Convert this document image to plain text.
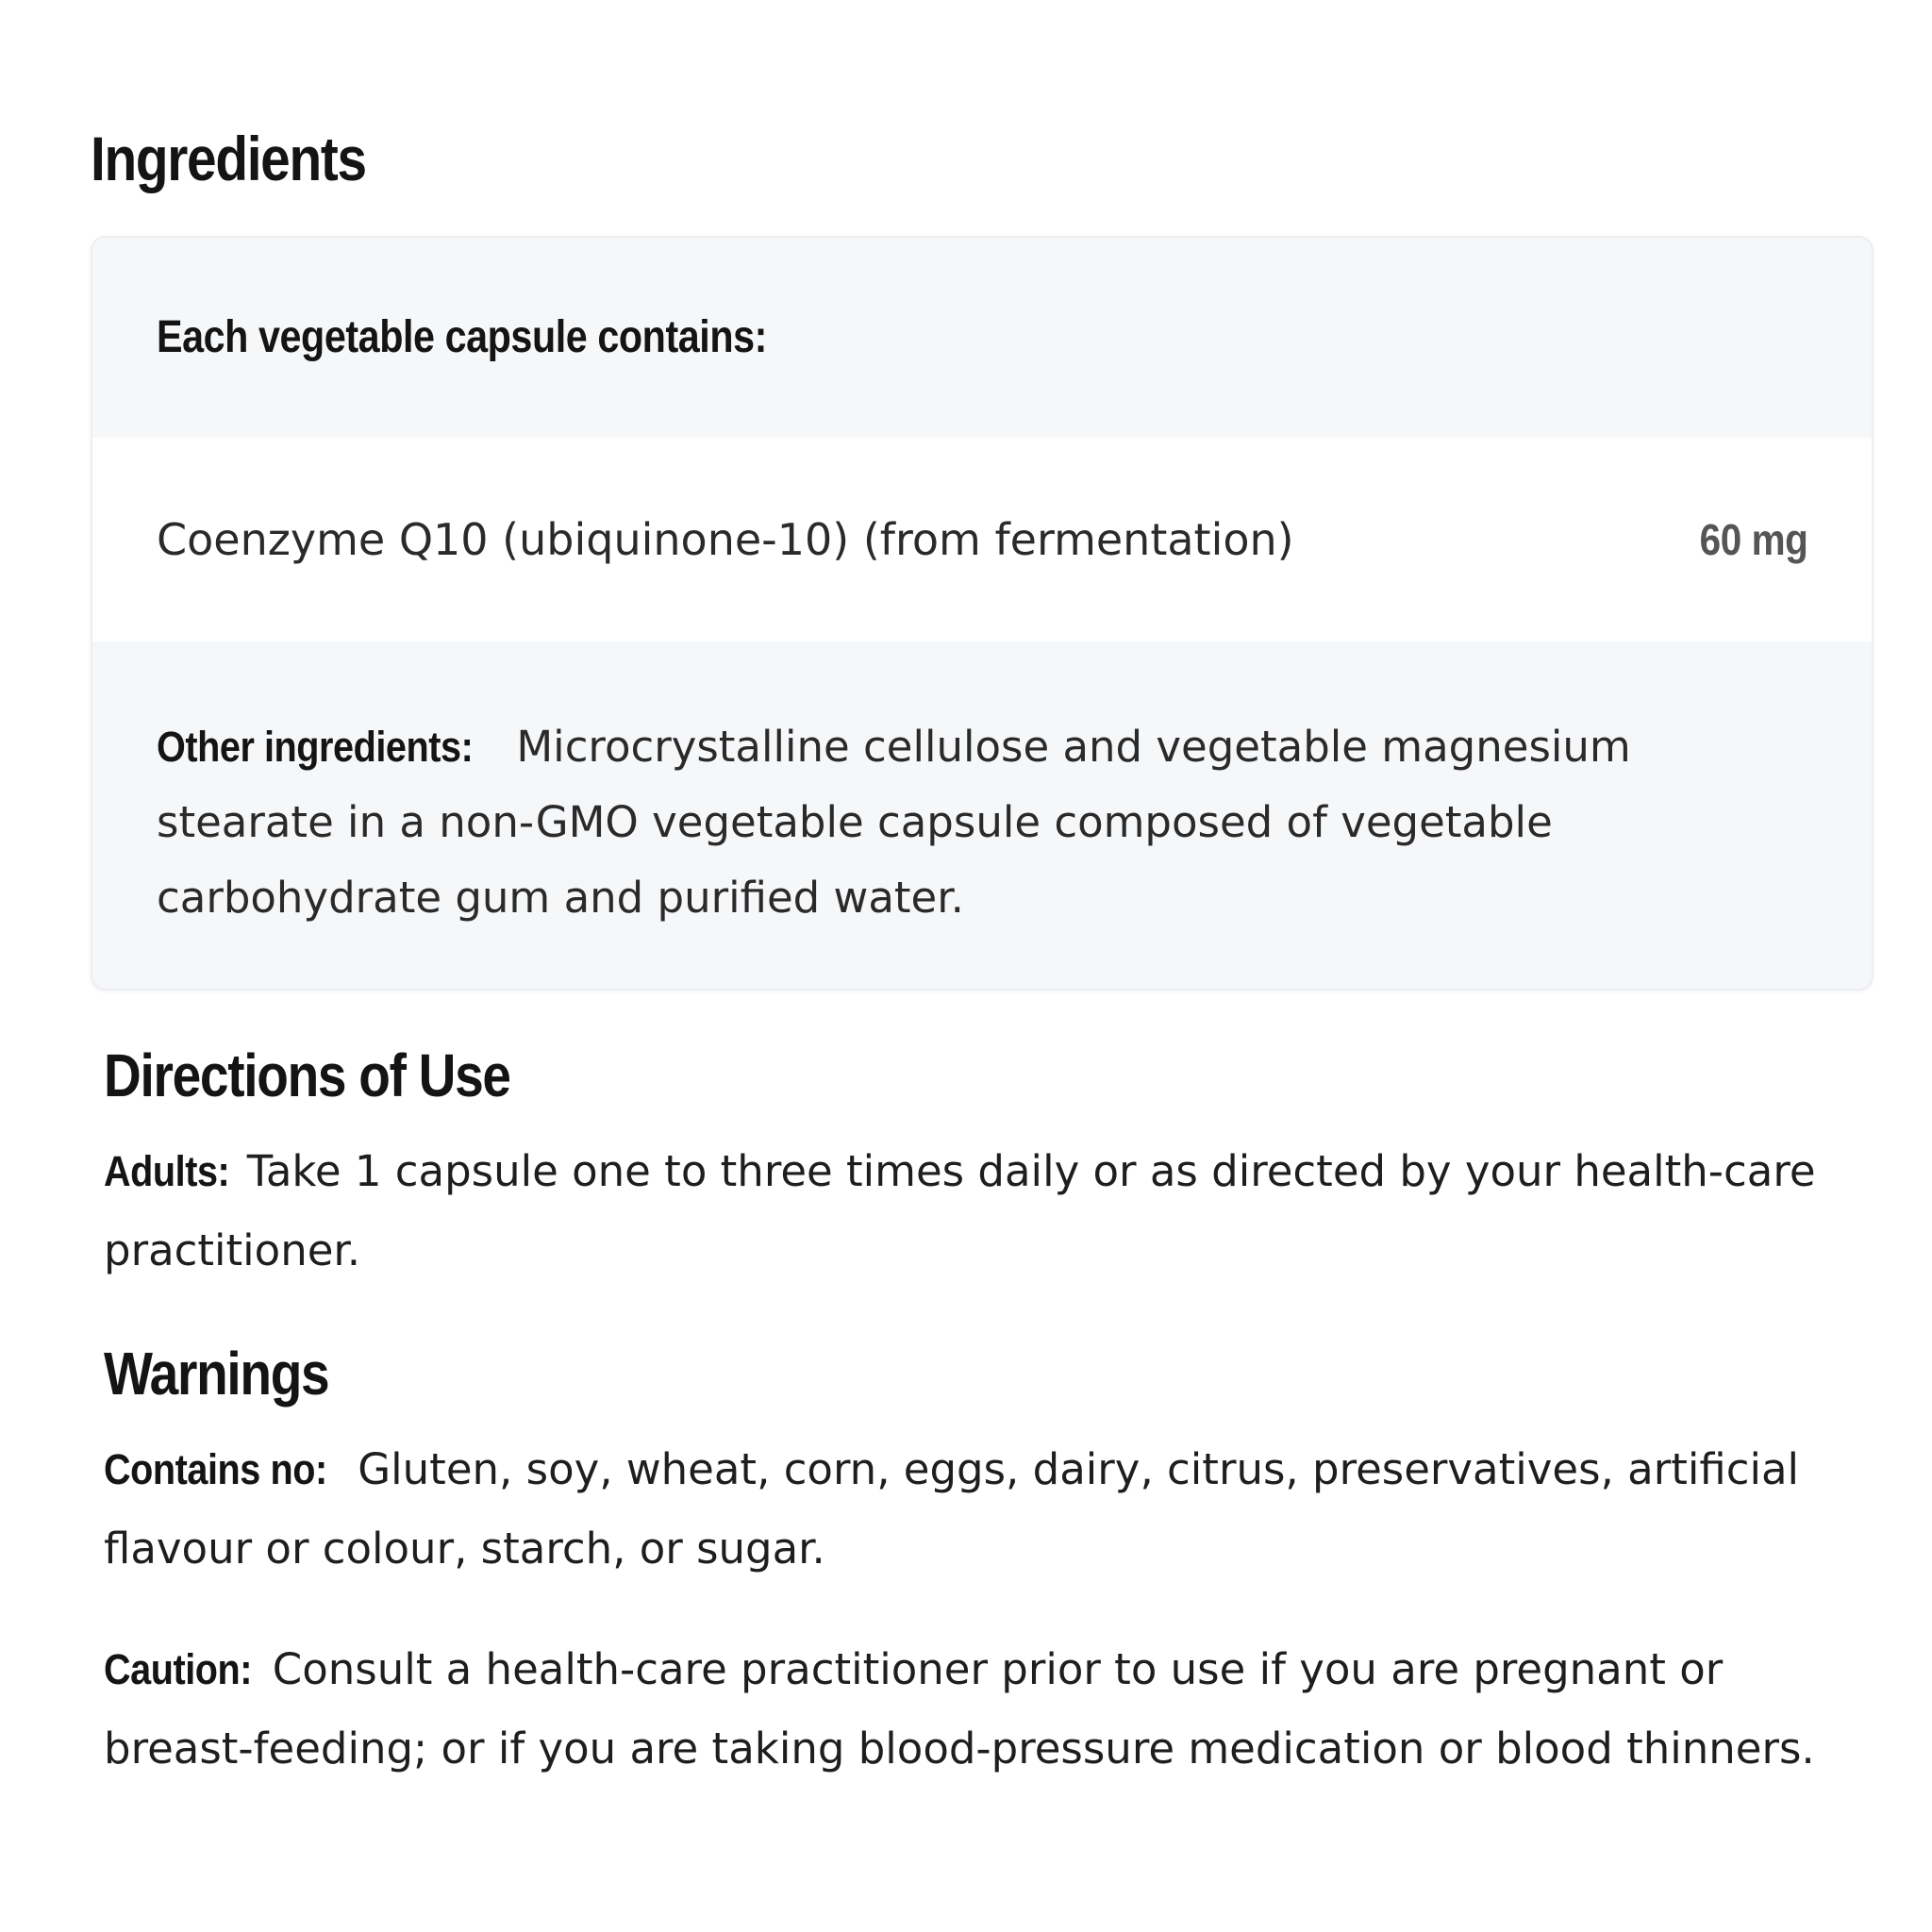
Ingredients
Each vegetable capsule contains:
Coenzyme Q10 (ubiquinone-10) (from fermentation)	60 mg
Other ingredients: Microcrystalline cellulose and vegetable magnesium stearate in a non-GMO vegetable capsule composed of vegetable carbohydrate gum and purified water.
Directions of Use
Adults: Take 1 capsule one to three times daily or as directed by your health-care practitioner.
Warnings
Contains no: Gluten, soy, wheat, corn, eggs, dairy, citrus, preservatives, artificial flavour or colour, starch, or sugar.
Caution: Consult a health-care practitioner prior to use if you are pregnant or breast-feeding; or if you are taking blood-pressure medication or blood thinners.
